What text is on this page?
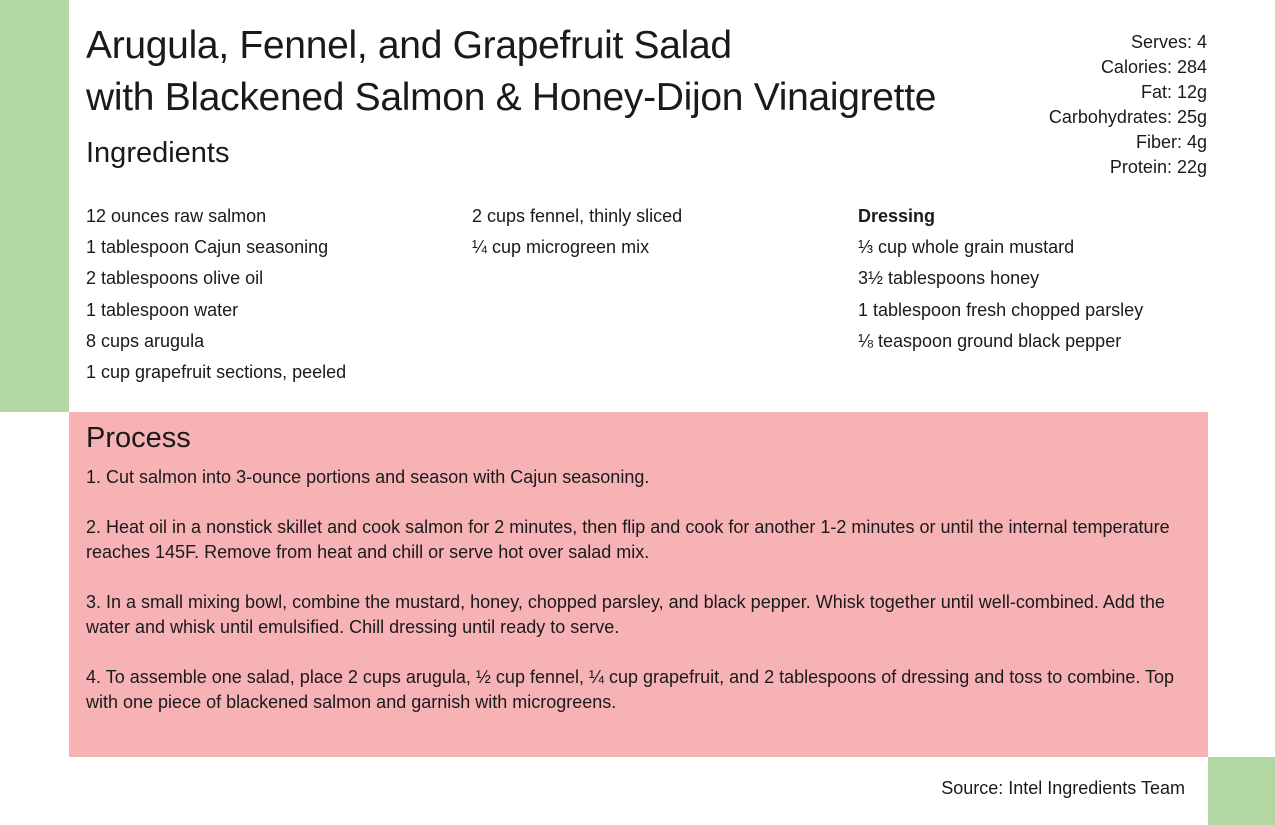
Arugula, Fennel, and Grapefruit Salad
with Blackened Salmon & Honey-Dijon Vinaigrette
Serves: 4
Calories: 284
Fat: 12g
Carbohydrates: 25g
Fiber: 4g
Protein: 22g
Ingredients
12 ounces raw salmon
1 tablespoon Cajun seasoning
2 tablespoons olive oil
1 tablespoon water
8 cups arugula
1 cup grapefruit sections, peeled
2 cups fennel, thinly sliced
¼ cup microgreen mix
Dressing
⅓ cup whole grain mustard
3½ tablespoons honey
1 tablespoon fresh chopped parsley
⅛ teaspoon ground black pepper
Process

1. Cut salmon into 3-ounce portions and season with Cajun seasoning.

2. Heat oil in a nonstick skillet and cook salmon for 2 minutes, then flip and cook for another 1-2 minutes or until the internal temperature reaches 145F. Remove from heat and chill or serve hot over salad mix.

3. In a small mixing bowl, combine the mustard, honey, chopped parsley, and black pepper. Whisk together until well-combined. Add the water and whisk until emulsified. Chill dressing until ready to serve.

4. To assemble one salad, place 2 cups arugula, ½ cup fennel, ¼ cup grapefruit, and 2 tablespoons of dressing and toss to combine. Top with one piece of blackened salmon and garnish with microgreens.

Source: Intel Ingredients Team
